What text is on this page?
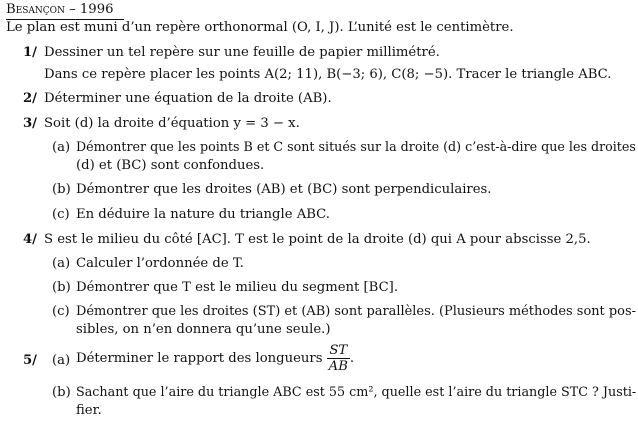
Besançon – 1996
Le plan est muni d’un repère orthonormal (O, I, J). L’unité est le centimètre.
1/ Dessiner un tel repère sur une feuille de papier millimétré.
Dans ce repère placer les points A(2; 11), B(−3; 6), C(8; −5). Tracer le triangle ABC.
2/ Déterminer une équation de la droite (AB).
3/ Soit (d) la droite d’équation y = 3 − x.
(a) Démontrer que les points B et C sont situés sur la droite (d) c’est-à-dire que les droites
(d) et (BC) sont confondues.
(b) Démontrer que les droites (AB) et (BC) sont perpendiculaires.
(c) En déduire la nature du triangle ABC.
4/ S est le milieu du côté [AC]. T est le point de la droite (d) qui A pour abscisse 2,5.
(a) Calculer l’ordonnée de T.
(b) Démontrer que T est le milieu du segment [BC].
(c) Démontrer que les droites (ST) et (AB) sont parallèles. (Plusieurs méthodes sont pos-
sibles, on n’en donnera qu’une seule.)
5/ (a) Déterminer le rapport des longueurs $\frac{ST}{AB}$ .
(b) Sachant que l’aire du triangle ABC est 55 cm², quelle est l’aire du triangle STC ? Justi-
fier.
